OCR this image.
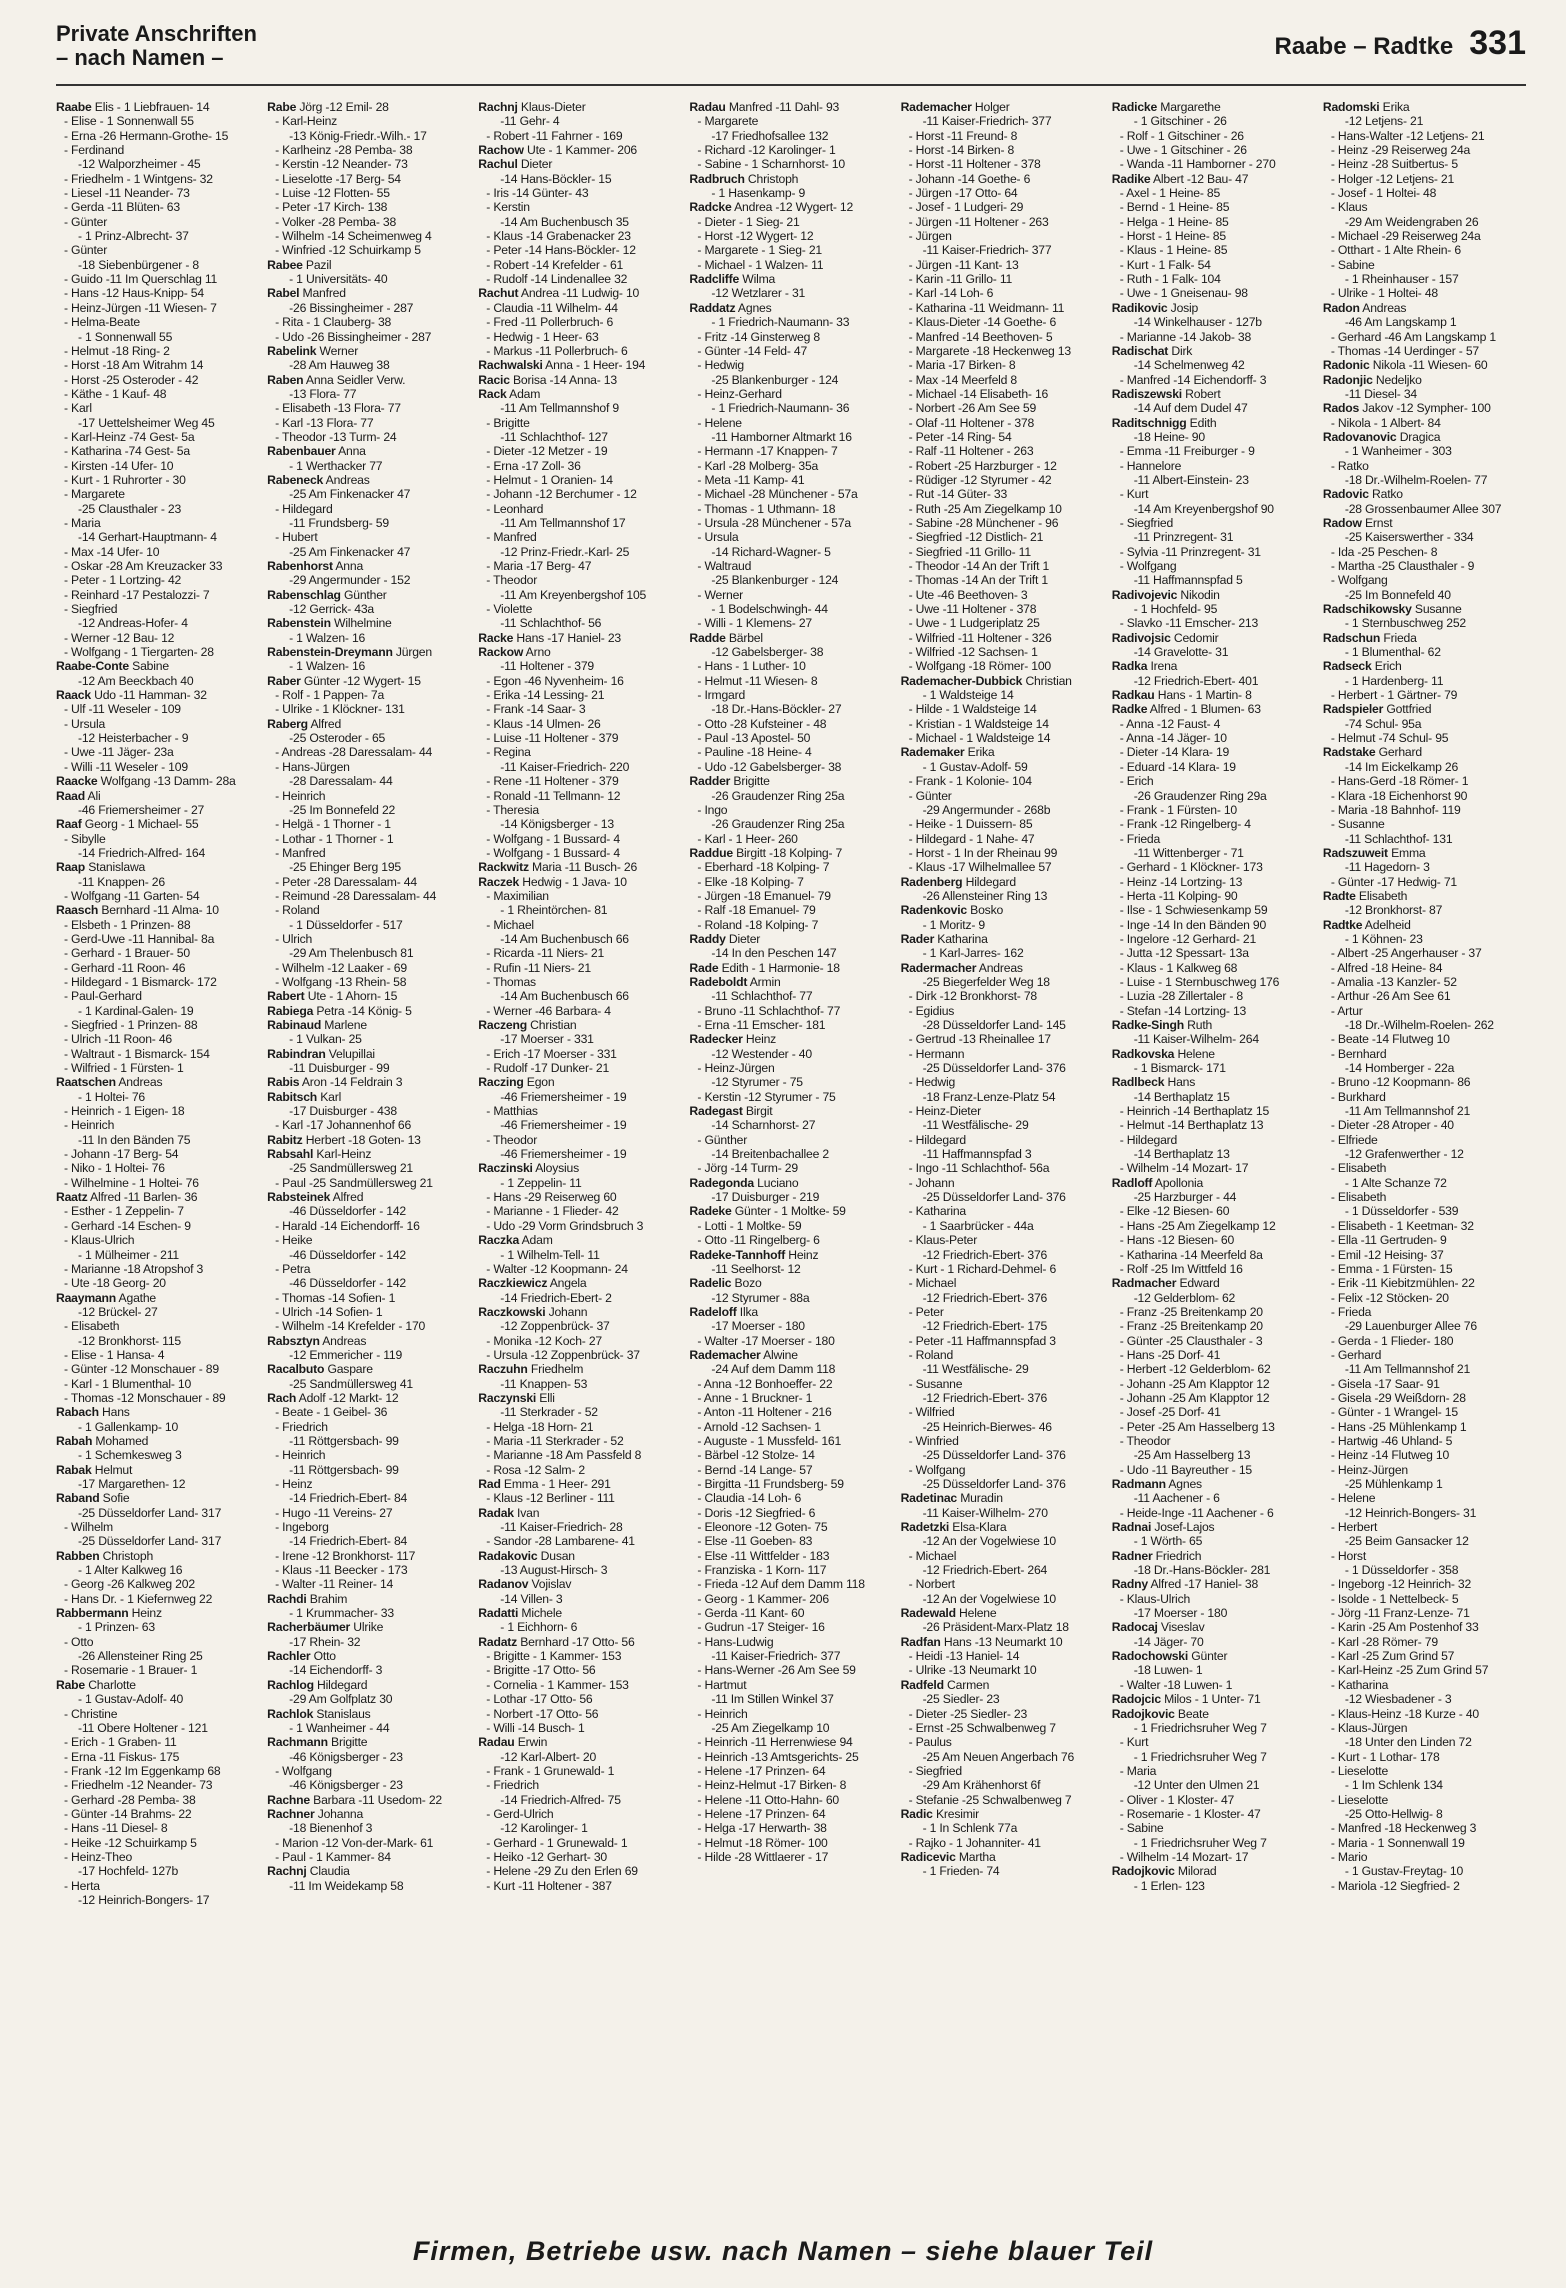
Private Anschriften
– nach Namen –	Raabe – Radtke 331
Raabe Elis - 1 Liebfrauen- 14
- Elise - 1 Sonnenwall 55
- Erna -26 Hermann-Grothe- 15
- Ferdinand
-12 Walporzheimer - 45
- Friedhelm - 1 Wintgens- 32
- Liesel -11 Neander- 73
- Gerda -11 Blüten- 63
- Günter
- 1 Prinz-Albrecht- 37
- Günter
-18 Siebenbürgener - 8
- Guido -11 Im Querschlag 11
- Hans -12 Haus-Knipp- 54
- Heinz-Jürgen -11 Wiesen- 7
- Helma-Beate
- 1 Sonnenwall 55
- Helmut -18 Ring- 2
- Horst -18 Am Witrahm 14
- Horst -25 Osteroder - 42
- Käthe - 1 Kauf- 48
- Karl
-17 Uettelsheimer Weg 45
- Karl-Heinz -74 Gest- 5a
- Katharina -74 Gest- 5a
- Kirsten -14 Ufer- 10
- Kurt - 1 Ruhrorter - 30
- Margarete
-25 Clausthaler - 23
- Maria
-14 Gerhart-Hauptmann- 4
- Max -14 Ufer- 10
- Oskar -28 Am Kreuzacker 33
- Peter - 1 Lortzing- 42
- Reinhard -17 Pestalozzi- 7
- Siegfried
-12 Andreas-Hofer- 4
- Werner -12 Bau- 12
- Wolfgang - 1 Tiergarten- 28
Raabe-Conte Sabine
-12 Am Beeckbach 40
Raack Udo -11 Hamman- 32
- Ulf -11 Weseler - 109
- Ursula
-12 Heisterbacher - 9
- Uwe -11 Jäger- 23a
- Willi -11 Weseler - 109
Raacke Wolfgang -13 Damm- 28a
Raad Ali
-46 Friemersheimer - 27
Raaf Georg - 1 Michael- 55
- Sibylle
-14 Friedrich-Alfred- 164
Raap Stanislawa
-11 Knappen- 26
- Wolfgang -11 Garten- 54
Raasch Bernhard -11 Alma- 10
- Elsbeth - 1 Prinzen- 88
- Gerd-Uwe -11 Hannibal- 8a
- Gerhard - 1 Brauer- 50
- Gerhard -11 Roon- 46
- Hildegard - 1 Bismarck- 172
- Paul-Gerhard
- 1 Kardinal-Galen- 19
- Siegfried - 1 Prinzen- 88
- Ulrich -11 Roon- 46
- Waltraut - 1 Bismarck- 154
- Wilfried - 1 Fürsten- 1
Raatschen Andreas
- 1 Holtei- 76
- Heinrich - 1 Eigen- 18
- Heinrich
-11 In den Bänden 75
- Johann -17 Berg- 54
- Niko - 1 Holtei- 76
- Wilhelmine - 1 Holtei- 76
Raatz Alfred -11 Barlen- 36
- Esther - 1 Zeppelin- 7
- Gerhard -14 Eschen- 9
- Klaus-Ulrich
- 1 Mülheimer - 211
- Marianne -18 Atropshof 3
- Ute -18 Georg- 20
Raaymann Agathe
-12 Brückel- 27
- Elisabeth
-12 Bronkhorst- 115
- Elise - 1 Hansa- 4
- Günter -12 Monschauer - 89
- Karl - 1 Blumenthal- 10
- Thomas -12 Monschauer - 89
Rabach Hans
- 1 Gallenkamp- 10
Rabah Mohamed
- 1 Schemkesweg 3
Rabak Helmut
-17 Margarethen- 12
Raband Sofie
-25 Düsseldorfer Land- 317
- Wilhelm
-25 Düsseldorfer Land- 317
Rabben Christoph
- 1 Alter Kalkweg 16
- Georg -26 Kalkweg 202
- Hans Dr. - 1 Kiefernweg 22
Rabbermann Heinz
- 1 Prinzen- 63
- Otto
-26 Allensteiner Ring 25
- Rosemarie - 1 Brauer- 1
Rabe Charlotte
- 1 Gustav-Adolf- 40
- Christine
-11 Obere Holtener - 121
- Erich - 1 Graben- 11
- Erna -11 Fiskus- 175
- Frank -12 Im Eggenkamp 68
- Friedhelm -12 Neander- 73
- Gerhard -28 Pemba- 38
- Günter -14 Brahms- 22
- Hans -11 Diesel- 8
- Heike -12 Schuirkamp 5
- Heinz-Theo
-17 Hochfeld- 127b
- Herta
-12 Heinrich-Bongers- 17
Rabe Jörg -12 Emil- 28
- Karl-Heinz
-13 König-Friedr.-Wilh.- 17
- Karlheinz -28 Pemba- 38
- Kerstin -12 Neander- 73
- Lieselotte -17 Berg- 54
- Luise -12 Flotten- 55
- Peter -17 Kirch- 138
- Volker -28 Pemba- 38
- Wilhelm -14 Scheimenweg 4
- Winfried -12 Schuirkamp 5
Rabee Pazil
- 1 Universitäts- 40
Rabel Manfred
-26 Bissingheimer - 287
- Rita - 1 Clauberg- 38
- Udo -26 Bissingheimer - 287
Rabelink Werner
-28 Am Hauweg 38
Raben Anna Seidler Verw.
-13 Flora- 77
- Elisabeth -13 Flora- 77
- Karl -13 Flora- 77
- Theodor -13 Turm- 24
Rabenbauer Anna
- 1 Werthacker 77
Rabeneck Andreas
-25 Am Finkenacker 47
- Hildegard
-11 Frundsberg- 59
- Hubert
-25 Am Finkenacker 47
Rabenhorst Anna
-29 Angermunder - 152
Rabenschlag Günther
-12 Gerrick- 43a
Rabenstein Wilhelmine
- 1 Walzen- 16
Rabenstein-Dreymann Jürgen
- 1 Walzen- 16
Raber Günter -12 Wygert- 15
- Rolf - 1 Pappen- 7a
- Ulrike - 1 Klöckner- 131
Raberg Alfred
-25 Osteroder - 65
- Andreas -28 Daressalam- 44
- Hans-Jürgen
-28 Daressalam- 44
- Heinrich
-25 Im Bonnefeld 22
- Helgä - 1 Thorner - 1
- Lothar - 1 Thorner - 1
- Manfred
-25 Ehinger Berg 195
- Peter -28 Daressalam- 44
- Reimund -28 Daressalam- 44
- Roland
- 1 Düsseldorfer - 517
- Ulrich
-29 Am Thelenbusch 81
- Wilhelm -12 Laaker - 69
- Wolfgang -13 Rhein- 58
Rabert Ute - 1 Ahorn- 15
Rabiega Petra -14 König- 5
Rabinaud Marlene
- 1 Vulkan- 25
Rabindran Velupillai
-11 Duisburger - 99
Rabis Aron -14 Feldrain 3
Rabitsch Karl
-17 Duisburger - 438
- Karl -17 Johannenhof 66
Rabitz Herbert -18 Goten- 13
Rabsahl Karl-Heinz
-25 Sandmüllersweg 21
- Paul -25 Sandmüllersweg 21
Rabsteinek Alfred
-46 Düsseldorfer - 142
- Harald -14 Eichendorff- 16
- Heike
-46 Düsseldorfer - 142
- Petra
-46 Düsseldorfer - 142
- Thomas -14 Sofien- 1
- Ulrich -14 Sofien- 1
- Wilhelm -14 Krefelder - 170
Rabsztyn Andreas
-12 Emmericher - 119
Racalbuto Gaspare
-25 Sandmüllersweg 41
Rach Adolf -12 Markt- 12
- Beate - 1 Geibel- 36
- Friedrich
-11 Röttgersbach- 99
- Heinrich
-11 Röttgersbach- 99
- Heinz
-14 Friedrich-Ebert- 84
- Hugo -11 Vereins- 27
- Ingeborg
-14 Friedrich-Ebert- 84
- Irene -12 Bronkhorst- 117
- Klaus -11 Beecker - 173
- Walter -11 Reiner- 14
Rachdi Brahim
- 1 Krummacher- 33
Racherbäumer Ulrike
-17 Rhein- 32
Rachler Otto
-14 Eichendorff- 3
Rachlog Hildegard
-29 Am Golfplatz 30
Rachlok Stanislaus
- 1 Wanheimer - 44
Rachmann Brigitte
-46 Königsberger - 23
- Wolfgang
-46 Königsberger - 23
Rachne Barbara -11 Usedom- 22
Rachner Johanna
-18 Bienenhof 3
- Marion -12 Von-der-Mark- 61
- Paul - 1 Kammer- 84
Rachnj Claudia
-11 Im Weidekamp 58
Rachnj Klaus-Dieter
-11 Gehr- 4
- Robert -11 Fahrner - 169
Rachow Ute - 1 Kammer- 206
Rachul Dieter
-14 Hans-Böckler- 15
- Iris -14 Günter- 43
- Kerstin
-14 Am Buchenbusch 35
- Klaus -14 Grabenacker 23
- Peter -14 Hans-Böckler- 12
- Robert -14 Krefelder - 61
- Rudolf -14 Lindenallee 32
Rachut Andrea -11 Ludwig- 10
- Claudia -11 Wilhelm- 44
- Fred -11 Pollerbruch- 6
- Hedwig - 1 Heer- 63
- Markus -11 Pollerbruch- 6
Rachwalski Anna - 1 Heer- 194
Racic Borisa -14 Anna- 13
Rack Adam
-11 Am Tellmannshof 9
- Brigitte
-11 Schlachthof- 127
- Dieter -12 Metzer - 19
- Erna -17 Zoll- 36
- Helmut - 1 Oranien- 14
- Johann -12 Berchumer - 12
- Leonhard
-11 Am Tellmannshof 17
- Manfred
-12 Prinz-Friedr.-Karl- 25
- Maria -17 Berg- 47
- Theodor
-11 Am Kreyenbergshof 105
- Violette
-11 Schlachthof- 56
Racke Hans -17 Haniel- 23
Rackow Arno
-11 Holtener - 379
- Egon -46 Nyvenheim- 16
- Erika -14 Lessing- 21
- Frank -14 Saar- 3
- Klaus -14 Ulmen- 26
- Luise -11 Holtener - 379
- Regina
-11 Kaiser-Friedrich- 220
- Rene -11 Holtener - 379
- Ronald -11 Tellmann- 12
- Theresia
-14 Königsberger - 13
- Wolfgang - 1 Bussard- 4
- Wolfgang - 1 Bussard- 4
Rackwitz Maria -11 Busch- 26
Raczek Hedwig - 1 Java- 10
- Maximilian
- 1 Rheintörchen- 81
- Michael
-14 Am Buchenbusch 66
- Ricarda -11 Niers- 21
- Rufin -11 Niers- 21
- Thomas
-14 Am Buchenbusch 66
- Werner -46 Barbara- 4
Raczeng Christian
-17 Moerser - 331
- Erich -17 Moerser - 331
- Rudolf -17 Dunker- 21
Raczing Egon
-46 Friemersheimer - 19
- Matthias
-46 Friemersheimer - 19
- Theodor
-46 Friemersheimer - 19
Raczinski Aloysius
- 1 Zeppelin- 11
- Hans -29 Reiserweg 60
- Marianne - 1 Flieder- 42
- Udo -29 Vorm Grindsbruch 3
Raczka Adam
- 1 Wilhelm-Tell- 11
- Walter -12 Koopmann- 24
Raczkiewicz Angela
-14 Friedrich-Ebert- 2
Raczkowski Johann
-12 Zoppenbrück- 37
- Monika -12 Koch- 27
- Ursula -12 Zoppenbrück- 37
Raczuhn Friedhelm
-11 Knappen- 53
Raczynski Elli
-11 Sterkrader - 52
- Helga -18 Horn- 21
- Maria -11 Sterkrader - 52
- Marianne -18 Am Passfeld 8
- Rosa -12 Salm- 2
Rad Emma - 1 Heer- 291
- Klaus -12 Berliner - 111
Radak Ivan
-11 Kaiser-Friedrich- 28
- Sandor -28 Lambarene- 41
Radakovic Dusan
-13 August-Hirsch- 3
Radanov Vojislav
-14 Villen- 3
Radatti Michele
- 1 Eichhorn- 6
Radatz Bernhard -17 Otto- 56
- Brigitte - 1 Kammer- 153
- Brigitte -17 Otto- 56
- Cornelia - 1 Kammer- 153
- Lothar -17 Otto- 56
- Norbert -17 Otto- 56
- Willi -14 Busch- 1
Radau Erwin
-12 Karl-Albert- 20
- Frank - 1 Grunewald- 1
- Friedrich
-14 Friedrich-Alfred- 75
- Gerd-Ulrich
-12 Karolinger- 1
- Gerhard - 1 Grunewald- 1
- Heiko -12 Gerhart- 30
- Helene -29 Zu den Erlen 69
- Kurt -11 Holtener - 387
Radau Manfred -11 Dahl- 93
- Margarete
-17 Friedhofsallee 132
- Richard -12 Karolinger- 1
- Sabine - 1 Scharnhorst- 10
Radbruch Christoph
- 1 Hasenkamp- 9
Radcke Andrea -12 Wygert- 12
- Dieter - 1 Sieg- 21
- Horst -12 Wygert- 12
- Margarete - 1 Sieg- 21
- Michael - 1 Walzen- 11
Radcliffe Wilma
-12 Wetzlarer - 31
Raddatz Agnes
- 1 Friedrich-Naumann- 33
- Fritz -14 Ginsterweg 8
- Günter -14 Feld- 47
- Hedwig
-25 Blankenburger - 124
- Heinz-Gerhard
- 1 Friedrich-Naumann- 36
- Helene
-11 Hamborner Altmarkt 16
- Hermann -17 Knappen- 7
- Karl -28 Molberg- 35a
- Meta -11 Kamp- 41
- Michael -28 Münchener - 57a
- Thomas - 1 Uthmann- 18
- Ursula -28 Münchener - 57a
- Ursula
-14 Richard-Wagner- 5
- Waltraud
-25 Blankenburger - 124
- Werner
- 1 Bodelschwingh- 44
- Willi - 1 Klemens- 27
Radde Bärbel
-12 Gabelsberger- 38
- Hans - 1 Luther- 10
- Helmut -11 Wiesen- 8
- Irmgard
-18 Dr.-Hans-Böckler- 27
- Otto -28 Kufsteiner - 48
- Paul -13 Apostel- 50
- Pauline -18 Heine- 4
- Udo -12 Gabelsberger- 38
Radder Brigitte
-26 Graudenzer Ring 25a
- Ingo
-26 Graudenzer Ring 25a
- Karl - 1 Heer- 260
Raddue Birgitt -18 Kolping- 7
- Eberhard -18 Kolping- 7
- Elke -18 Kolping- 7
- Jürgen -18 Emanuel- 79
- Ralf -18 Emanuel- 79
- Roland -18 Kolping- 7
Raddy Dieter
-14 In den Peschen 147
Rade Edith - 1 Harmonie- 18
Radeboldt Armin
-11 Schlachthof- 77
- Bruno -11 Schlachthof- 77
- Erna -11 Emscher- 181
Radecker Heinz
-12 Westender - 40
- Heinz-Jürgen
-12 Styrumer - 75
- Kerstin -12 Styrumer - 75
Radegast Birgit
-14 Scharnhorst- 27
- Günther
-14 Breitenbachallee 2
- Jörg -14 Turm- 29
Radegonda Luciano
-17 Duisburger - 219
Radeke Günter - 1 Moltke- 59
- Lotti - 1 Moltke- 59
- Otto -11 Ringelberg- 6
Radeke-Tannhoff Heinz
-11 Seelhorst- 12
Radelic Bozo
-12 Styrumer - 88a
Radeloff Ilka
-17 Moerser - 180
- Walter -17 Moerser - 180
Rademacher Alwine
-24 Auf dem Damm 118
- Anna -12 Bonhoeffer- 22
- Anne - 1 Bruckner- 1
- Anton -11 Holtener - 216
- Arnold -12 Sachsen- 1
- Auguste - 1 Mussfeld- 161
- Bärbel -12 Stolze- 14
- Bernd -14 Lange- 57
- Birgitta -11 Frundsberg- 59
- Claudia -14 Loh- 6
- Doris -12 Siegfried- 6
- Eleonore -12 Goten- 75
- Else -11 Goeben- 83
- Else -11 Wittfelder - 183
- Franziska - 1 Korn- 117
- Frieda -12 Auf dem Damm 118
- Georg - 1 Kammer- 206
- Gerda -11 Kant- 60
- Gudrun -17 Steiger- 16
- Hans-Ludwig
-11 Kaiser-Friedrich- 377
- Hans-Werner -26 Am See 59
- Hartmut
-11 Im Stillen Winkel 37
- Heinrich
-25 Am Ziegelkamp 10
- Heinrich -11 Herrenwiese 94
- Heinrich -13 Amtsgerichts- 25
- Helene -17 Prinzen- 64
- Heinz-Helmut -17 Birken- 8
- Helene -11 Otto-Hahn- 60
- Helene -17 Prinzen- 64
- Helga -17 Herwarth- 38
- Helmut -18 Römer- 100
- Hilde -28 Wittlaerer - 17
Rademacher Holger
-11 Kaiser-Friedrich- 377
- Horst -11 Freund- 8
- Horst -14 Birken- 8
- Horst -11 Holtener - 378
- Johann -14 Goethe- 6
- Jürgen -17 Otto- 64
- Josef - 1 Ludgeri- 29
- Jürgen -11 Holtener - 263
- Jürgen
-11 Kaiser-Friedrich- 377
- Jürgen -11 Kant- 13
- Karin -11 Grillo- 11
- Karl -14 Loh- 6
- Katharina -11 Weidmann- 11
- Klaus-Dieter -14 Goethe- 6
- Manfred -14 Beethoven- 5
- Margarete -18 Heckenweg 13
- Maria -17 Birken- 8
- Max -14 Meerfeld 8
- Michael -14 Elisabeth- 16
- Norbert -26 Am See 59
- Olaf -11 Holtener - 378
- Peter -14 Ring- 54
- Ralf -11 Holtener - 263
- Robert -25 Harzburger - 12
- Rüdiger -12 Styrumer - 42
- Rut -14 Güter- 33
- Ruth -25 Am Ziegelkamp 10
- Sabine -28 Münchener - 96
- Siegfried -12 Distlich- 21
- Siegfried -11 Grillo- 11
- Theodor -14 An der Trift 1
- Thomas -14 An der Trift 1
- Ute -46 Beethoven- 3
- Uwe -11 Holtener - 378
- Uwe - 1 Ludgeriplatz 25
- Wilfried -11 Holtener - 326
- Wilfried -12 Sachsen- 1
- Wolfgang -18 Römer- 100
Rademacher-Dubbick Christian
- 1 Waldsteige 14
- Hilde - 1 Waldsteige 14
- Kristian - 1 Waldsteige 14
- Michael - 1 Waldsteige 14
Rademaker Erika
- 1 Gustav-Adolf- 59
- Frank - 1 Kolonie- 104
- Günter
-29 Angermunder - 268b
- Heike - 1 Duissern- 85
- Hildegard - 1 Nahe- 47
- Horst - 1 In der Rheinau 99
- Klaus -17 Wilhelmallee 57
Radenberg Hildegard
-26 Allensteiner Ring 13
Radenkovic Bosko
- 1 Moritz- 9
Rader Katharina
- 1 Karl-Jarres- 162
Radermacher Andreas
-25 Biegerfelder Weg 18
- Dirk -12 Bronkhorst- 78
- Egidius
-28 Düsseldorfer Land- 145
- Gertrud -13 Rheinallee 17
- Hermann
-25 Düsseldorfer Land- 376
- Hedwig
-18 Franz-Lenze-Platz 54
- Heinz-Dieter
-11 Westfälische- 29
- Hildegard
-11 Haffmannspfad 3
- Ingo -11 Schlachthof- 56a
- Johann
-25 Düsseldorfer Land- 376
- Katharina
- 1 Saarbrücker - 44a
- Klaus-Peter
-12 Friedrich-Ebert- 376
- Kurt - 1 Richard-Dehmel- 6
- Michael
-12 Friedrich-Ebert- 376
- Peter
-12 Friedrich-Ebert- 175
- Peter -11 Haffmannspfad 3
- Roland
-11 Westfälische- 29
- Susanne
-12 Friedrich-Ebert- 376
- Wilfried
-25 Heinrich-Bierwes- 46
- Winfried
-25 Düsseldorfer Land- 376
- Wolfgang
-25 Düsseldorfer Land- 376
Radetinac Muradin
-11 Kaiser-Wilhelm- 270
Radetzki Elsa-Klara
-12 An der Vogelwiese 10
- Michael
-12 Friedrich-Ebert- 264
- Norbert
-12 An der Vogelwiese 10
Radewald Helene
-26 Präsident-Marx-Platz 18
Radfan Hans -13 Neumarkt 10
- Heidi -13 Haniel- 14
- Ulrike -13 Neumarkt 10
Radfeld Carmen
-25 Siedler- 23
- Dieter -25 Siedler- 23
- Ernst -25 Schwalbenweg 7
- Paulus
-25 Am Neuen Angerbach 76
- Siegfried
-29 Am Krähenhorst 6f
- Stefanie -25 Schwalbenweg 7
Radic Kresimir
- 1 In Schlenk 77a
- Rajko - 1 Johanniter- 41
Radicevic Martha
- 1 Frieden- 74
Radicke Margarethe
- 1 Gitschiner - 26
- Rolf - 1 Gitschiner - 26
- Uwe - 1 Gitschiner - 26
- Wanda -11 Hamborner - 270
Radike Albert -12 Bau- 47
- Axel - 1 Heine- 85
- Bernd - 1 Heine- 85
- Helga - 1 Heine- 85
- Horst - 1 Heine- 85
- Klaus - 1 Heine- 85
- Kurt - 1 Falk- 54
- Ruth - 1 Falk- 104
- Uwe - 1 Gneisenau- 98
Radikovic Josip
-14 Winkelhauser - 127b
- Marianne -14 Jakob- 38
Radischat Dirk
-14 Schelmenweg 42
- Manfred -14 Eichendorff- 3
Radiszewski Robert
-14 Auf dem Dudel 47
Raditschnigg Edith
-18 Heine- 90
- Emma -11 Freiburger - 9
- Hannelore
-11 Albert-Einstein- 23
- Kurt
-14 Am Kreyenbergshof 90
- Siegfried
-11 Prinzregent- 31
- Sylvia -11 Prinzregent- 31
- Wolfgang
-11 Haffmannspfad 5
Radivojevic Nikodin
- 1 Hochfeld- 95
- Slavko -11 Emscher- 213
Radivojsic Cedomir
-14 Gravelotte- 31
Radka Irena
-12 Friedrich-Ebert- 401
Radkau Hans - 1 Martin- 8
Radke Alfred - 1 Blumen- 63
- Anna -12 Faust- 4
- Anna -14 Jäger- 10
- Dieter -14 Klara- 19
- Eduard -14 Klara- 19
- Erich
-26 Graudenzer Ring 29a
- Frank - 1 Fürsten- 10
- Frank -12 Ringelberg- 4
- Frieda
-11 Wittenberger - 71
- Gerhard - 1 Klöckner- 173
- Heinz -14 Lortzing- 13
- Herta -11 Kolping- 90
- Ilse - 1 Schwiesenkamp 59
- Inge -14 In den Bänden 90
- Ingelore -12 Gerhard- 21
- Jutta -12 Spessart- 13a
- Klaus - 1 Kalkweg 68
- Luise - 1 Sternbuschweg 176
- Luzia -28 Zillertaler - 8
- Stefan -14 Lortzing- 13
Radke-Singh Ruth
-11 Kaiser-Wilhelm- 264
Radkovska Helene
- 1 Bismarck- 171
Radlbeck Hans
-14 Berthaplatz 15
- Heinrich -14 Berthaplatz 15
- Helmut -14 Berthaplatz 13
- Hildegard
-14 Berthaplatz 13
- Wilhelm -14 Mozart- 17
Radloff Apollonia
-25 Harzburger - 44
- Elke -12 Biesen- 60
- Hans -25 Am Ziegelkamp 12
- Hans -12 Biesen- 60
- Katharina -14 Meerfeld 8a
- Rolf -25 Im Wittfeld 16
Radmacher Edward
-12 Gelderblom- 62
- Franz -25 Breitenkamp 20
- Franz -25 Breitenkamp 20
- Günter -25 Clausthaler - 3
- Hans -25 Dorf- 41
- Herbert -12 Gelderblom- 62
- Johann -25 Am Klapptor 12
- Johann -25 Am Klapptor 12
- Josef -25 Dorf- 41
- Peter -25 Am Hasselberg 13
- Theodor
-25 Am Hasselberg 13
- Udo -11 Bayreuther - 15
Radmann Agnes
-11 Aachener - 6
- Heide-Inge -11 Aachener - 6
Radnai Josef-Lajos
- 1 Wörth- 65
Radner Friedrich
-18 Dr.-Hans-Böckler- 281
Radny Alfred -17 Haniel- 38
- Klaus-Ulrich
-17 Moerser - 180
Radocaj Viseslav
-14 Jäger- 70
Radochowski Günter
-18 Luwen- 1
- Walter -18 Luwen- 1
Radojcic Milos - 1 Unter- 71
Radojkovic Beate
- 1 Friedrichsruher Weg 7
- Kurt
- 1 Friedrichsruher Weg 7
- Maria
-12 Unter den Ulmen 21
- Oliver - 1 Kloster- 47
- Rosemarie - 1 Kloster- 47
- Sabine
- 1 Friedrichsruher Weg 7
- Wilhelm -14 Mozart- 17
Radojkovic Milorad
- 1 Erlen- 123
Radomski Erika
-12 Letjens- 21
- Hans-Walter -12 Letjens- 21
- Heinz -29 Reiserweg 24a
- Heinz -28 Suitbertus- 5
- Holger -12 Letjens- 21
- Josef - 1 Holtei- 48
- Klaus
-29 Am Weidengraben 26
- Michael -29 Reiserweg 24a
- Otthart - 1 Alte Rhein- 6
- Sabine
- 1 Rheinhauser - 157
- Ulrike - 1 Holtei- 48
Radon Andreas
-46 Am Langskamp 1
- Gerhard -46 Am Langskamp 1
- Thomas -14 Uerdinger - 57
Radonic Nikola -11 Wiesen- 60
Radonjic Nedeljko
-11 Diesel- 34
Rados Jakov -12 Sympher- 100
- Nikola - 1 Albert- 84
Radovanovic Dragica
- 1 Wanheimer - 303
- Ratko
-18 Dr.-Wilhelm-Roelen- 77
Radovic Ratko
-28 Grossenbaumer Allee 307
Radow Ernst
-25 Kaiserswerther - 334
- Ida -25 Peschen- 8
- Martha -25 Clausthaler - 9
- Wolfgang
-25 Im Bonnefeld 40
Radschikowsky Susanne
- 1 Sternbuschweg 252
Radschun Frieda
- 1 Blumenthal- 62
Radseck Erich
- 1 Hardenberg- 11
- Herbert - 1 Gärtner- 79
Radspieler Gottfried
-74 Schul- 95a
- Helmut -74 Schul- 95
Radstake Gerhard
-14 Im Eickelkamp 26
- Hans-Gerd -18 Römer- 1
- Klara -18 Eichenhorst 90
- Maria -18 Bahnhof- 119
- Susanne
-11 Schlachthof- 131
Radszuweit Emma
-11 Hagedorn- 3
- Günter -17 Hedwig- 71
Radte Elisabeth
-12 Bronkhorst- 87
Radtke Adelheid
- 1 Köhnen- 23
- Albert -25 Angerhauser - 37
- Alfred -18 Heine- 84
- Amalia -13 Kanzler- 52
- Arthur -26 Am See 61
- Artur
-18 Dr.-Wilhelm-Roelen- 262
- Beate -14 Flutweg 10
- Bernhard
-14 Homberger - 22a
- Bruno -12 Koopmann- 86
- Burkhard
-11 Am Tellmannshof 21
- Dieter -28 Atroper - 40
- Elfriede
-12 Grafenwerther - 12
- Elisabeth
- 1 Alte Schanze 72
- Elisabeth
- 1 Düsseldorfer - 539
- Elisabeth - 1 Keetman- 32
- Ella -11 Gertruden- 9
- Emil -12 Heising- 37
- Emma - 1 Fürsten- 15
- Erik -11 Kiebitzmühlen- 22
- Felix -12 Stöcken- 20
- Frieda
-29 Lauenburger Allee 76
- Gerda - 1 Flieder- 180
- Gerhard
-11 Am Tellmannshof 21
- Gisela -17 Saar- 91
- Gisela -29 Weißdorn- 28
- Günter - 1 Wrangel- 15
- Hans -25 Mühlenkamp 1
- Hartwig -46 Uhland- 5
- Heinz -14 Flutweg 10
- Heinz-Jürgen
-25 Mühlenkamp 1
- Helene
-12 Heinrich-Bongers- 31
- Herbert
-25 Beim Gansacker 12
- Horst
- 1 Düsseldorfer - 358
- Ingeborg -12 Heinrich- 32
- Isolde - 1 Nettelbeck- 5
- Jörg -11 Franz-Lenze- 71
- Karin -25 Am Postenhof 33
- Karl -28 Römer- 79
- Karl -25 Zum Grind 57
- Karl-Heinz -25 Zum Grind 57
- Katharina
-12 Wiesbadener - 3
- Klaus-Heinz -18 Kurze - 40
- Klaus-Jürgen
-18 Unter den Linden 72
- Kurt - 1 Lothar- 178
- Lieselotte
- 1 Im Schlenk 134
- Lieselotte
-25 Otto-Hellwig- 8
- Manfred -18 Heckenweg 3
- Maria - 1 Sonnenwall 19
- Mario
- 1 Gustav-Freytag- 10
- Mariola -12 Siegfried- 2
Firmen, Betriebe usw. nach Namen – siehe blauer Teil
